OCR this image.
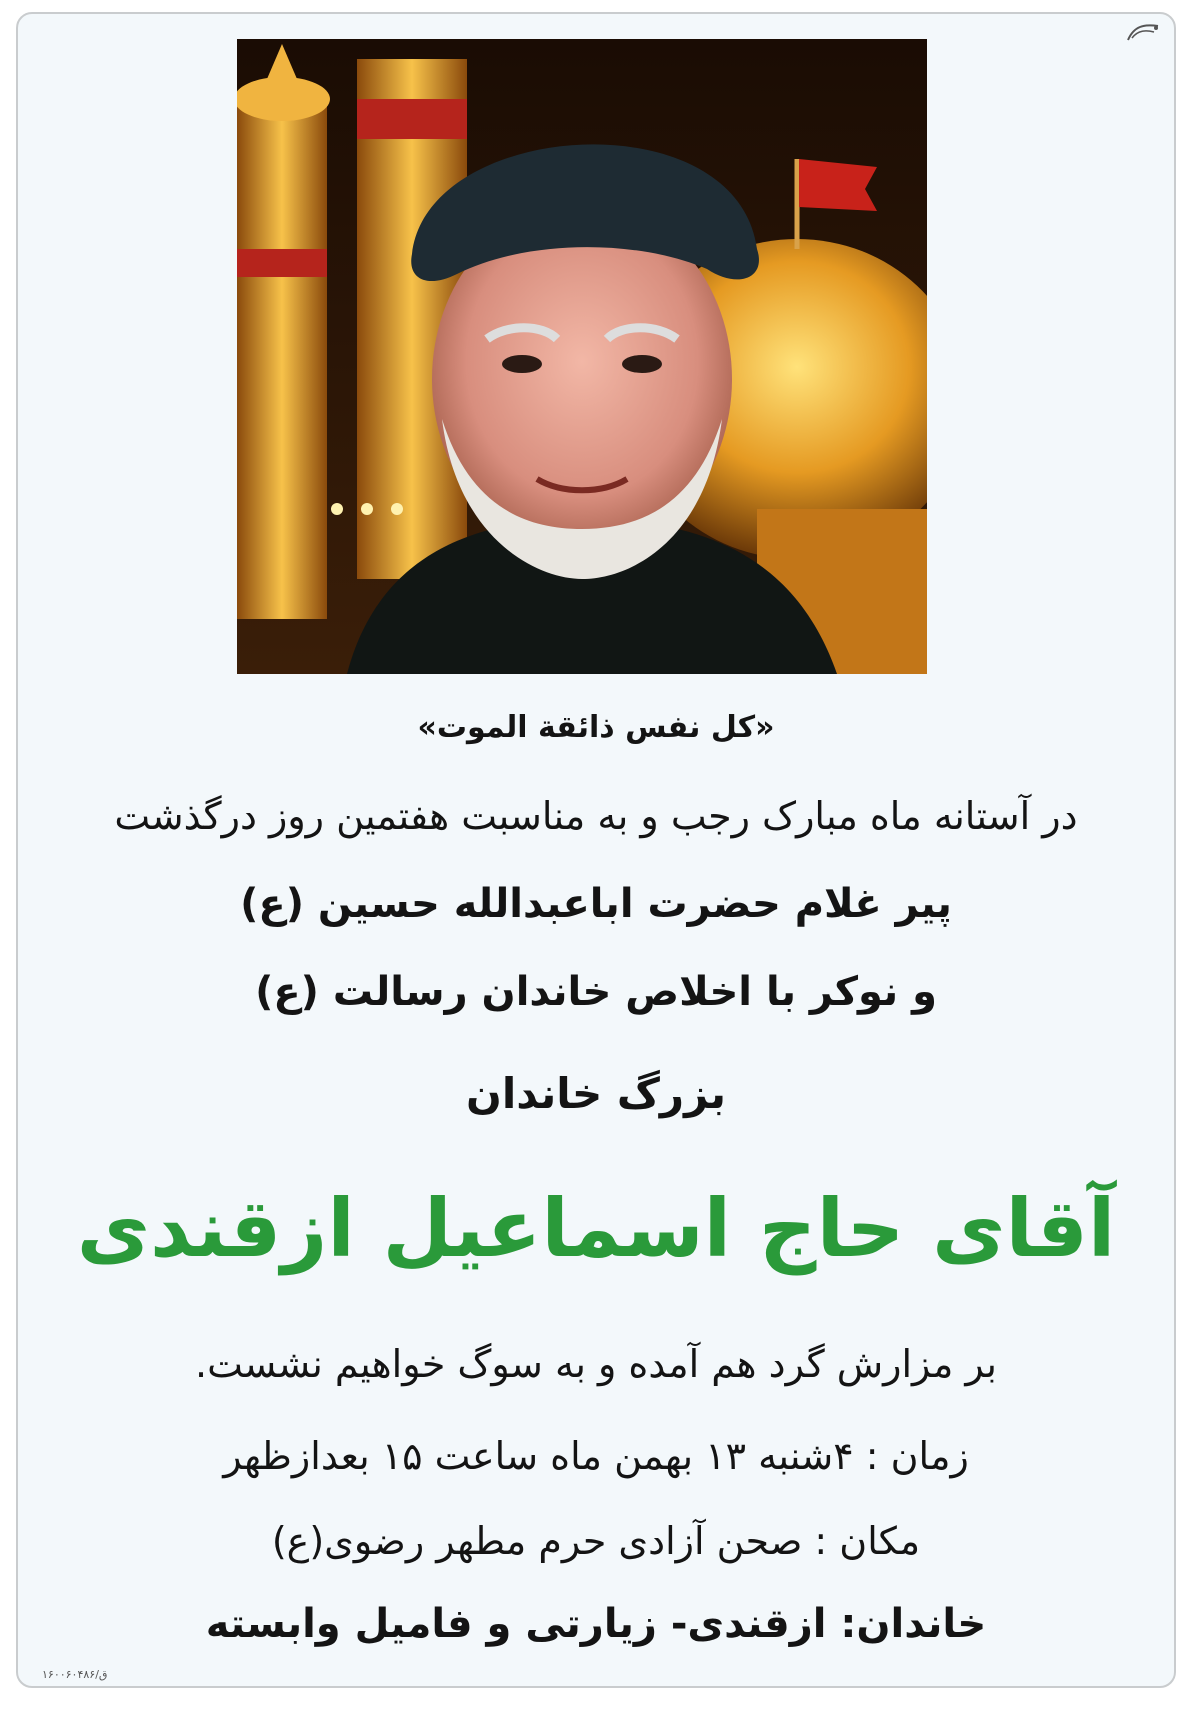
«کل نفس ذائقة الموت»
در آستانه ماه مبارک رجب و به مناسبت هفتمین روز درگذشت
پیر غلام حضرت اباعبدالله حسین (ع)
و نوکر با اخلاص خاندان رسالت (ع)
بزرگ خاندان
آقای حاج اسماعیل ازقندی
بر مزارش گرد هم آمده و به سوگ خواهیم نشست.
زمان : ۴شنبه ۱۳ بهمن ماه ساعت ۱۵ بعدازظهر
مکان : صحن آزادی حرم مطهر رضوی(ع)
خاندان: ازقندی- زیارتی و فامیل وابسته
ق/۱۶۰۰۶۰۴۸۶
